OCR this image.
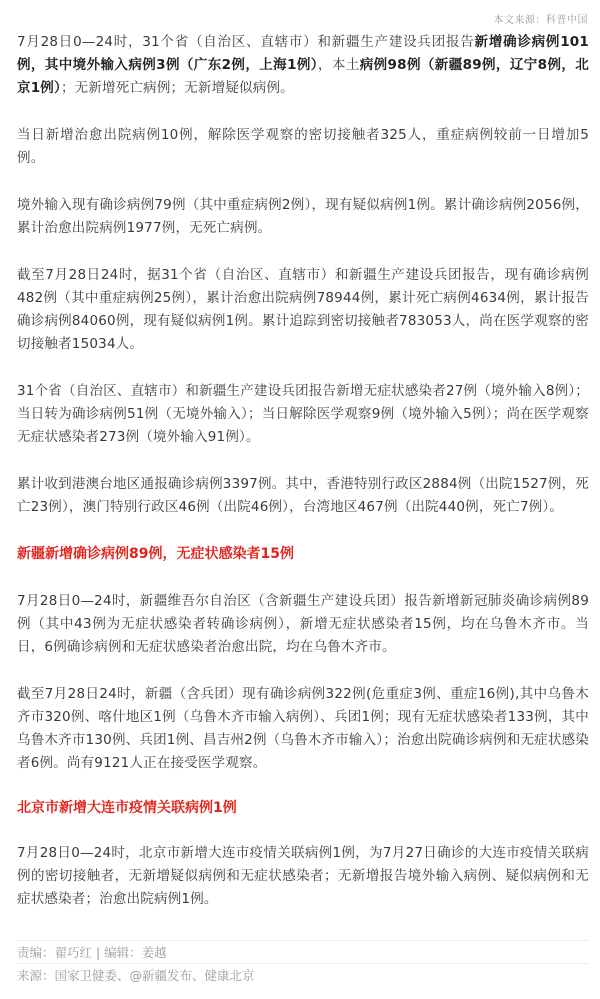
本文来源：科普中国

7月28日0—24时，31个省（自治区、直辖市）和新疆生产建设兵团报告新增确诊病例101例，其中境外输入病例3例（广东2例，上海1例），本土病例98例（新疆89例，辽宁8例，北京1例）；无新增死亡病例；无新增疑似病例。

当日新增治愈出院病例10例，解除医学观察的密切接触者325人，重症病例较前一日增加5例。

境外输入现有确诊病例79例（其中重症病例2例），现有疑似病例1例。累计确诊病例2056例，累计治愈出院病例1977例，无死亡病例。

截至7月28日24时，据31个省（自治区、直辖市）和新疆生产建设兵团报告，现有确诊病例482例（其中重症病例25例），累计治愈出院病例78944例，累计死亡病例4634例，累计报告确诊病例84060例，现有疑似病例1例。累计追踪到密切接触者783053人，尚在医学观察的密切接触者15034人。

31个省（自治区、直辖市）和新疆生产建设兵团报告新增无症状感染者27例（境外输入8例）；当日转为确诊病例51例（无境外输入）；当日解除医学观察9例（境外输入5例）；尚在医学观察无症状感染者273例（境外输入91例）。

累计收到港澳台地区通报确诊病例3397例。其中，香港特别行政区2884例（出院1527例，死亡23例），澳门特别行政区46例（出院46例），台湾地区467例（出院440例，死亡7例）。

新疆新增确诊病例89例，无症状感染者15例

7月28日0—24时，新疆维吾尔自治区（含新疆生产建设兵团）报告新增新冠肺炎确诊病例89例（其中43例为无症状感染者转确诊病例），新增无症状感染者15例，均在乌鲁木齐市。当日，6例确诊病例和无症状感染者治愈出院，均在乌鲁木齐市。

截至7月28日24时，新疆（含兵团）现有确诊病例322例(危重症3例、重症16例),其中乌鲁木齐市320例、喀什地区1例（乌鲁木齐市输入病例）、兵团1例；现有无症状感染者133例，其中乌鲁木齐市130例、兵团1例、昌吉州2例（乌鲁木齐市输入）；治愈出院确诊病例和无症状感染者6例。尚有9121人正在接受医学观察。

北京市新增大连市疫情关联病例1例

7月28日0—24时，北京市新增大连市疫情关联病例1例，为7月27日确诊的大连市疫情关联病例的密切接触者，无新增疑似病例和无症状感染者；无新增报告境外输入病例、疑似病例和无症状感染者；治愈出院病例1例。

责编：翟巧红 | 编辑：姜越
来源：国家卫健委、@新疆发布、健康北京
